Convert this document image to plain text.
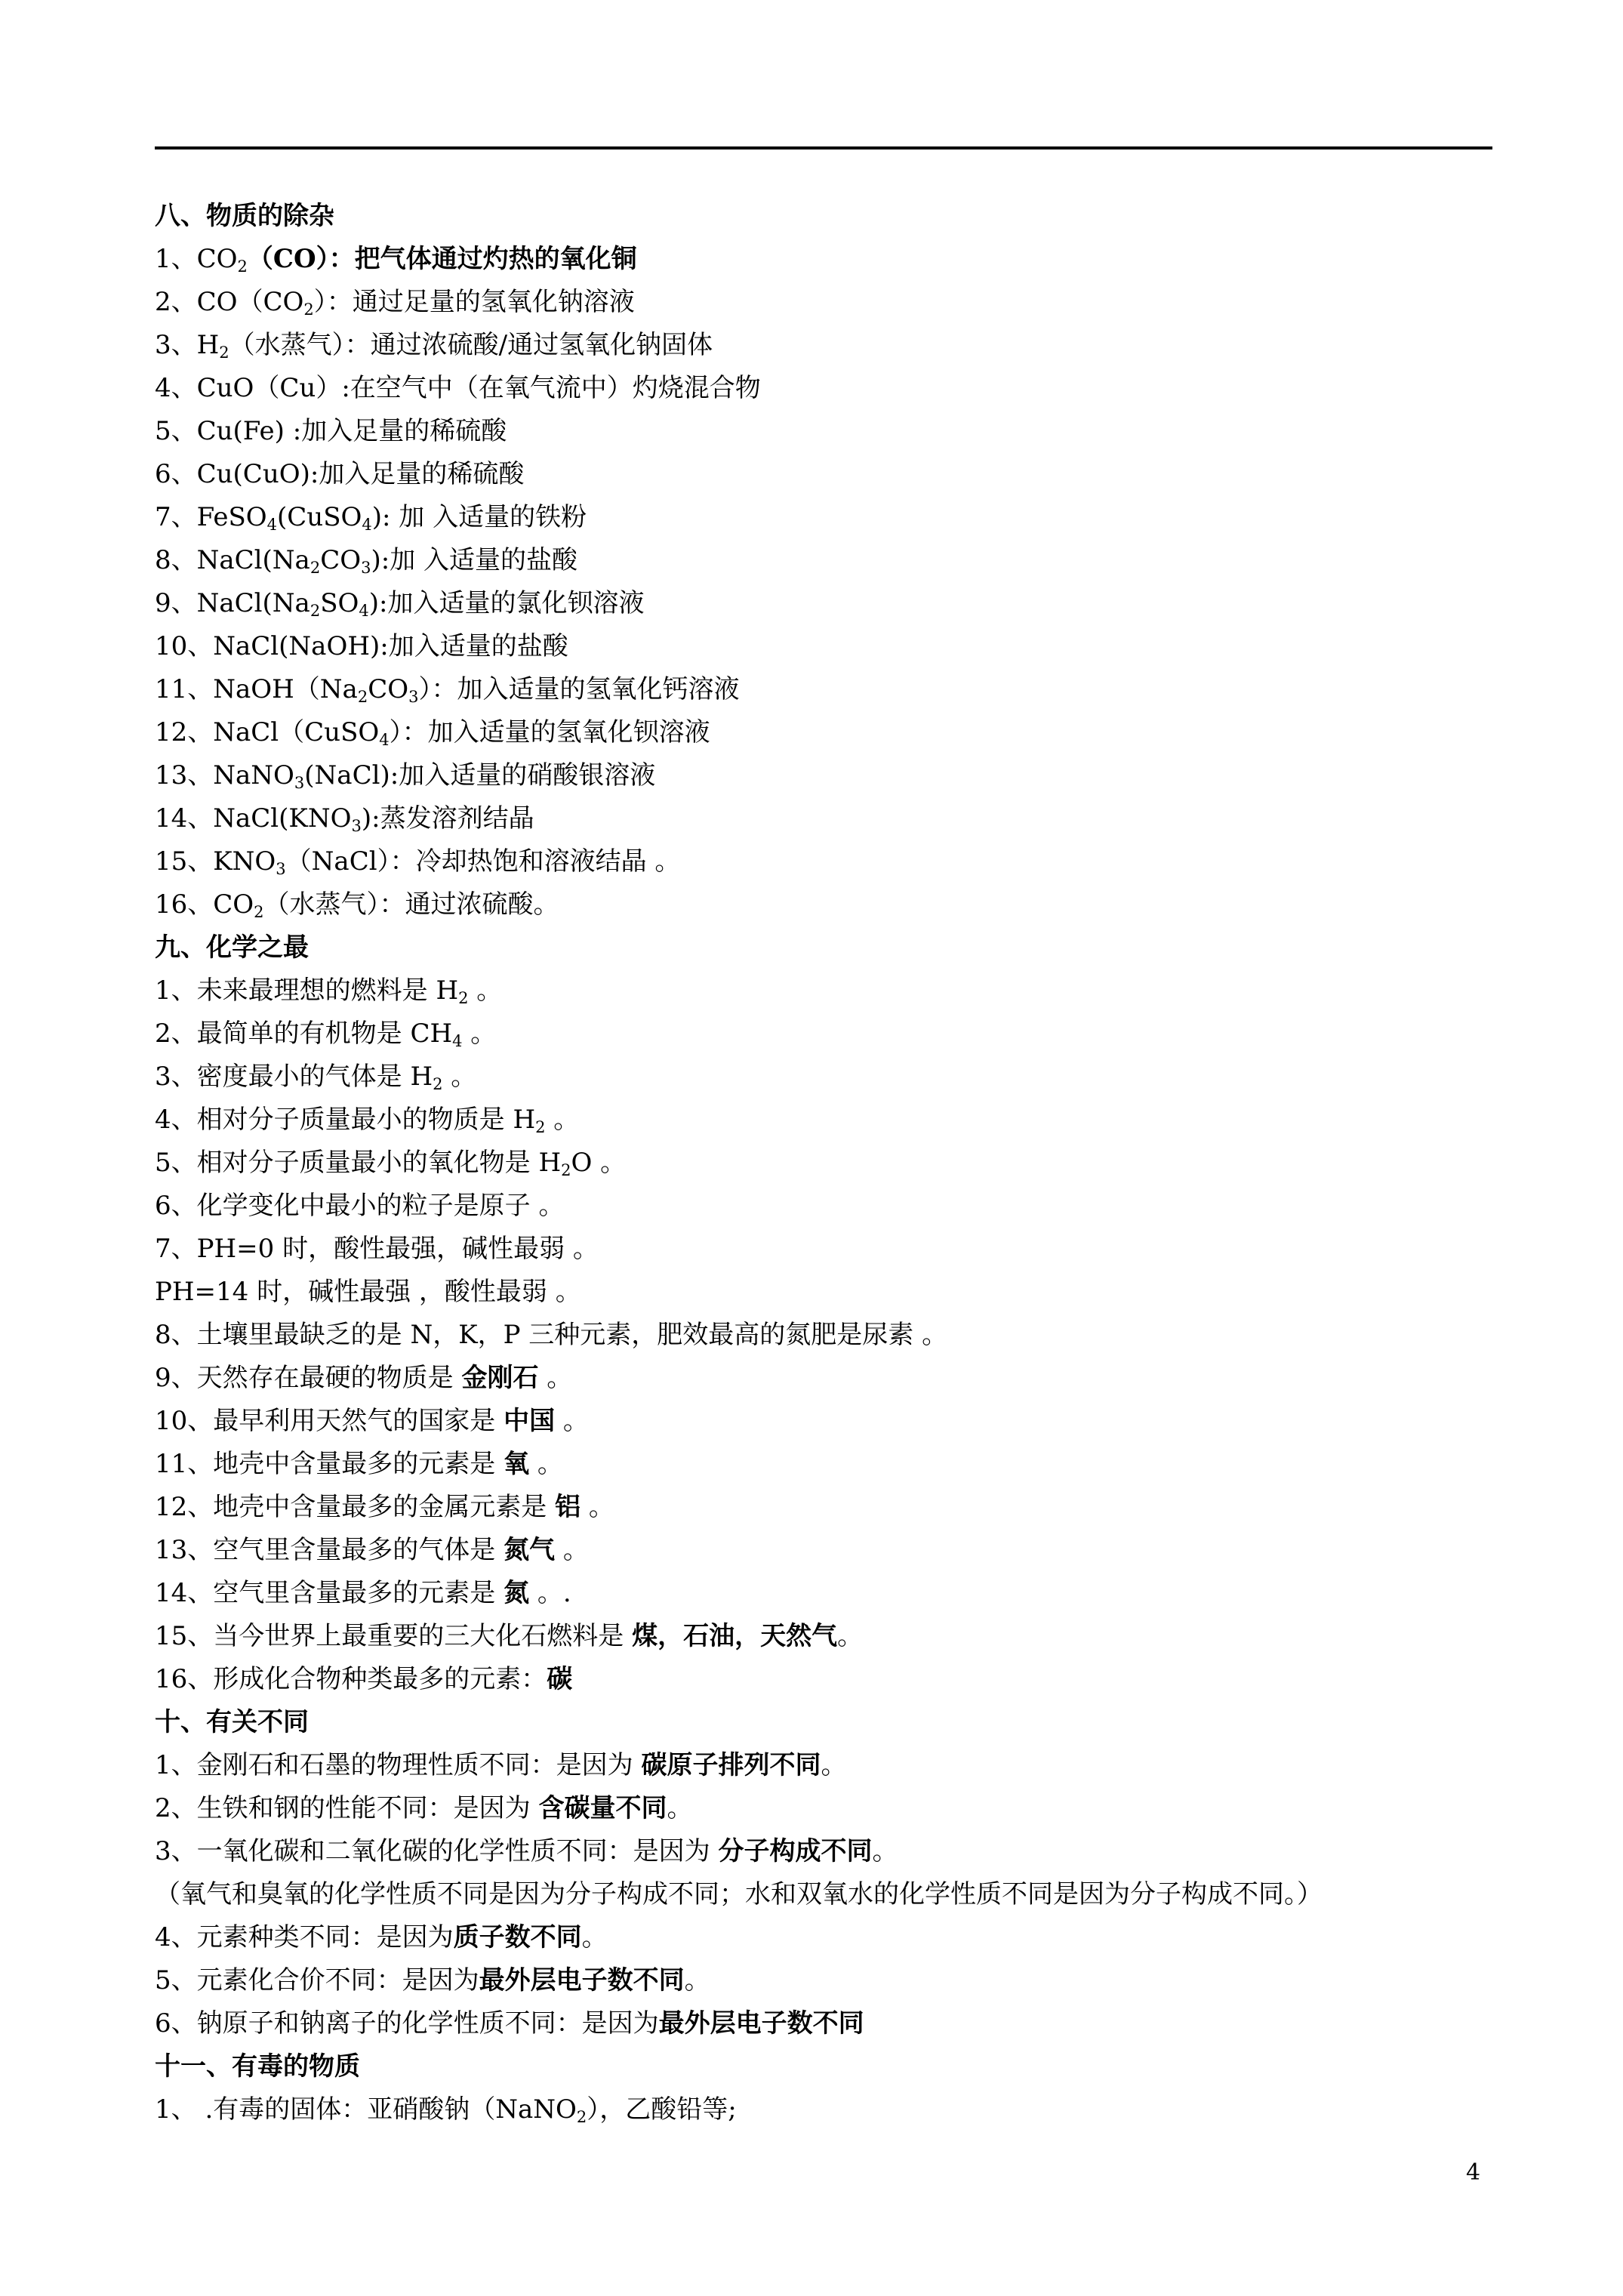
八、物质的除杂
1、$CO_2(CO)$：把气体通过灼热的氧化铜
2、$CO(CO_2)$：通过足量的氢氧化钠溶液
3、$H_2$（水蒸气）：通过浓硫酸/通过氢氧化钠固体
4、CuO（Cu）:在空气中（在氧气流中）灼烧混合物
5、Cu(Fe) :加入足量的稀硫酸
6、Cu(CuO):加入足量的稀硫酸
7、FeSO$_4$(CuSO$_4$): 加 入适量的铁粉
8、$NaCl(Na_2CO_3)$:加 入适量的盐酸
9、$NaCl(Na_2SO_4)$:加入适量的氯化钡溶液
10、NaCl(NaOH):加入适量的盐酸
11、$NaOH(Na_2CO_3)$：加入适量的氢氧化钙溶液
12、NaCl（CuSO$_4$）：加入适量的氢氧化钡溶液
13、NaNO$_3$(NaCl):加入适量的硝酸银溶液
14、$NaCl(KNO_3)$:蒸发溶剂结晶
15、$KNO_3(NaCl)$：冷却热饱和溶液结晶 。
16、$CO_2$（水蒸气）：通过浓硫酸。
九、化学之最
1、未来最理想的燃料是 $H_2$ 。
2、最简单的有机物是 $CH_4$ 。
3、密度最小的气体是 $H_2$ 。
4、相对分子质量最小的物质是 $H_2$ 。
5、相对分子质量最小的氧化物是 $H_2O$ 。
6、化学变化中最小的粒子是原子 。
7、PH=0 时，酸性最强，碱性最弱 。
PH=14 时，碱性最强 ，酸性最弱 。
8、土壤里最缺乏的是 N，K，P 三种元素，肥效最高的氮肥是尿素 。
9、天然存在最硬的物质是 金刚石 。
10、最早利用天然气的国家是 中国 。
11、地壳中含量最多的元素是 氧 。
12、地壳中含量最多的金属元素是 铝 。
13、空气里含量最多的气体是 氮气 。
14、空气里含量最多的元素是 氮 。.
15、当今世界上最重要的三大化石燃料是 煤，石油，天然气。
16、形成化合物种类最多的元素：碳
十、有关不同
1、金刚石和石墨的物理性质不同：是因为 碳原子排列不同。
2、生铁和钢的性能不同：是因为 含碳量不同。
3、一氧化碳和二氧化碳的化学性质不同：是因为 分子构成不同。
（氧气和臭氧的化学性质不同是因为分子构成不同；水和双氧水的化学性质不同是因为分子构成不同。）
4、元素种类不同：是因为质子数不同。
5、元素化合价不同：是因为最外层电子数不同。
6、钠原子和钠离子的化学性质不同：是因为最外层电子数不同
十一、有毒的物质
1、 .有毒的固体：亚硝酸钠（NaNO$_2$），乙酸铅等;
4
